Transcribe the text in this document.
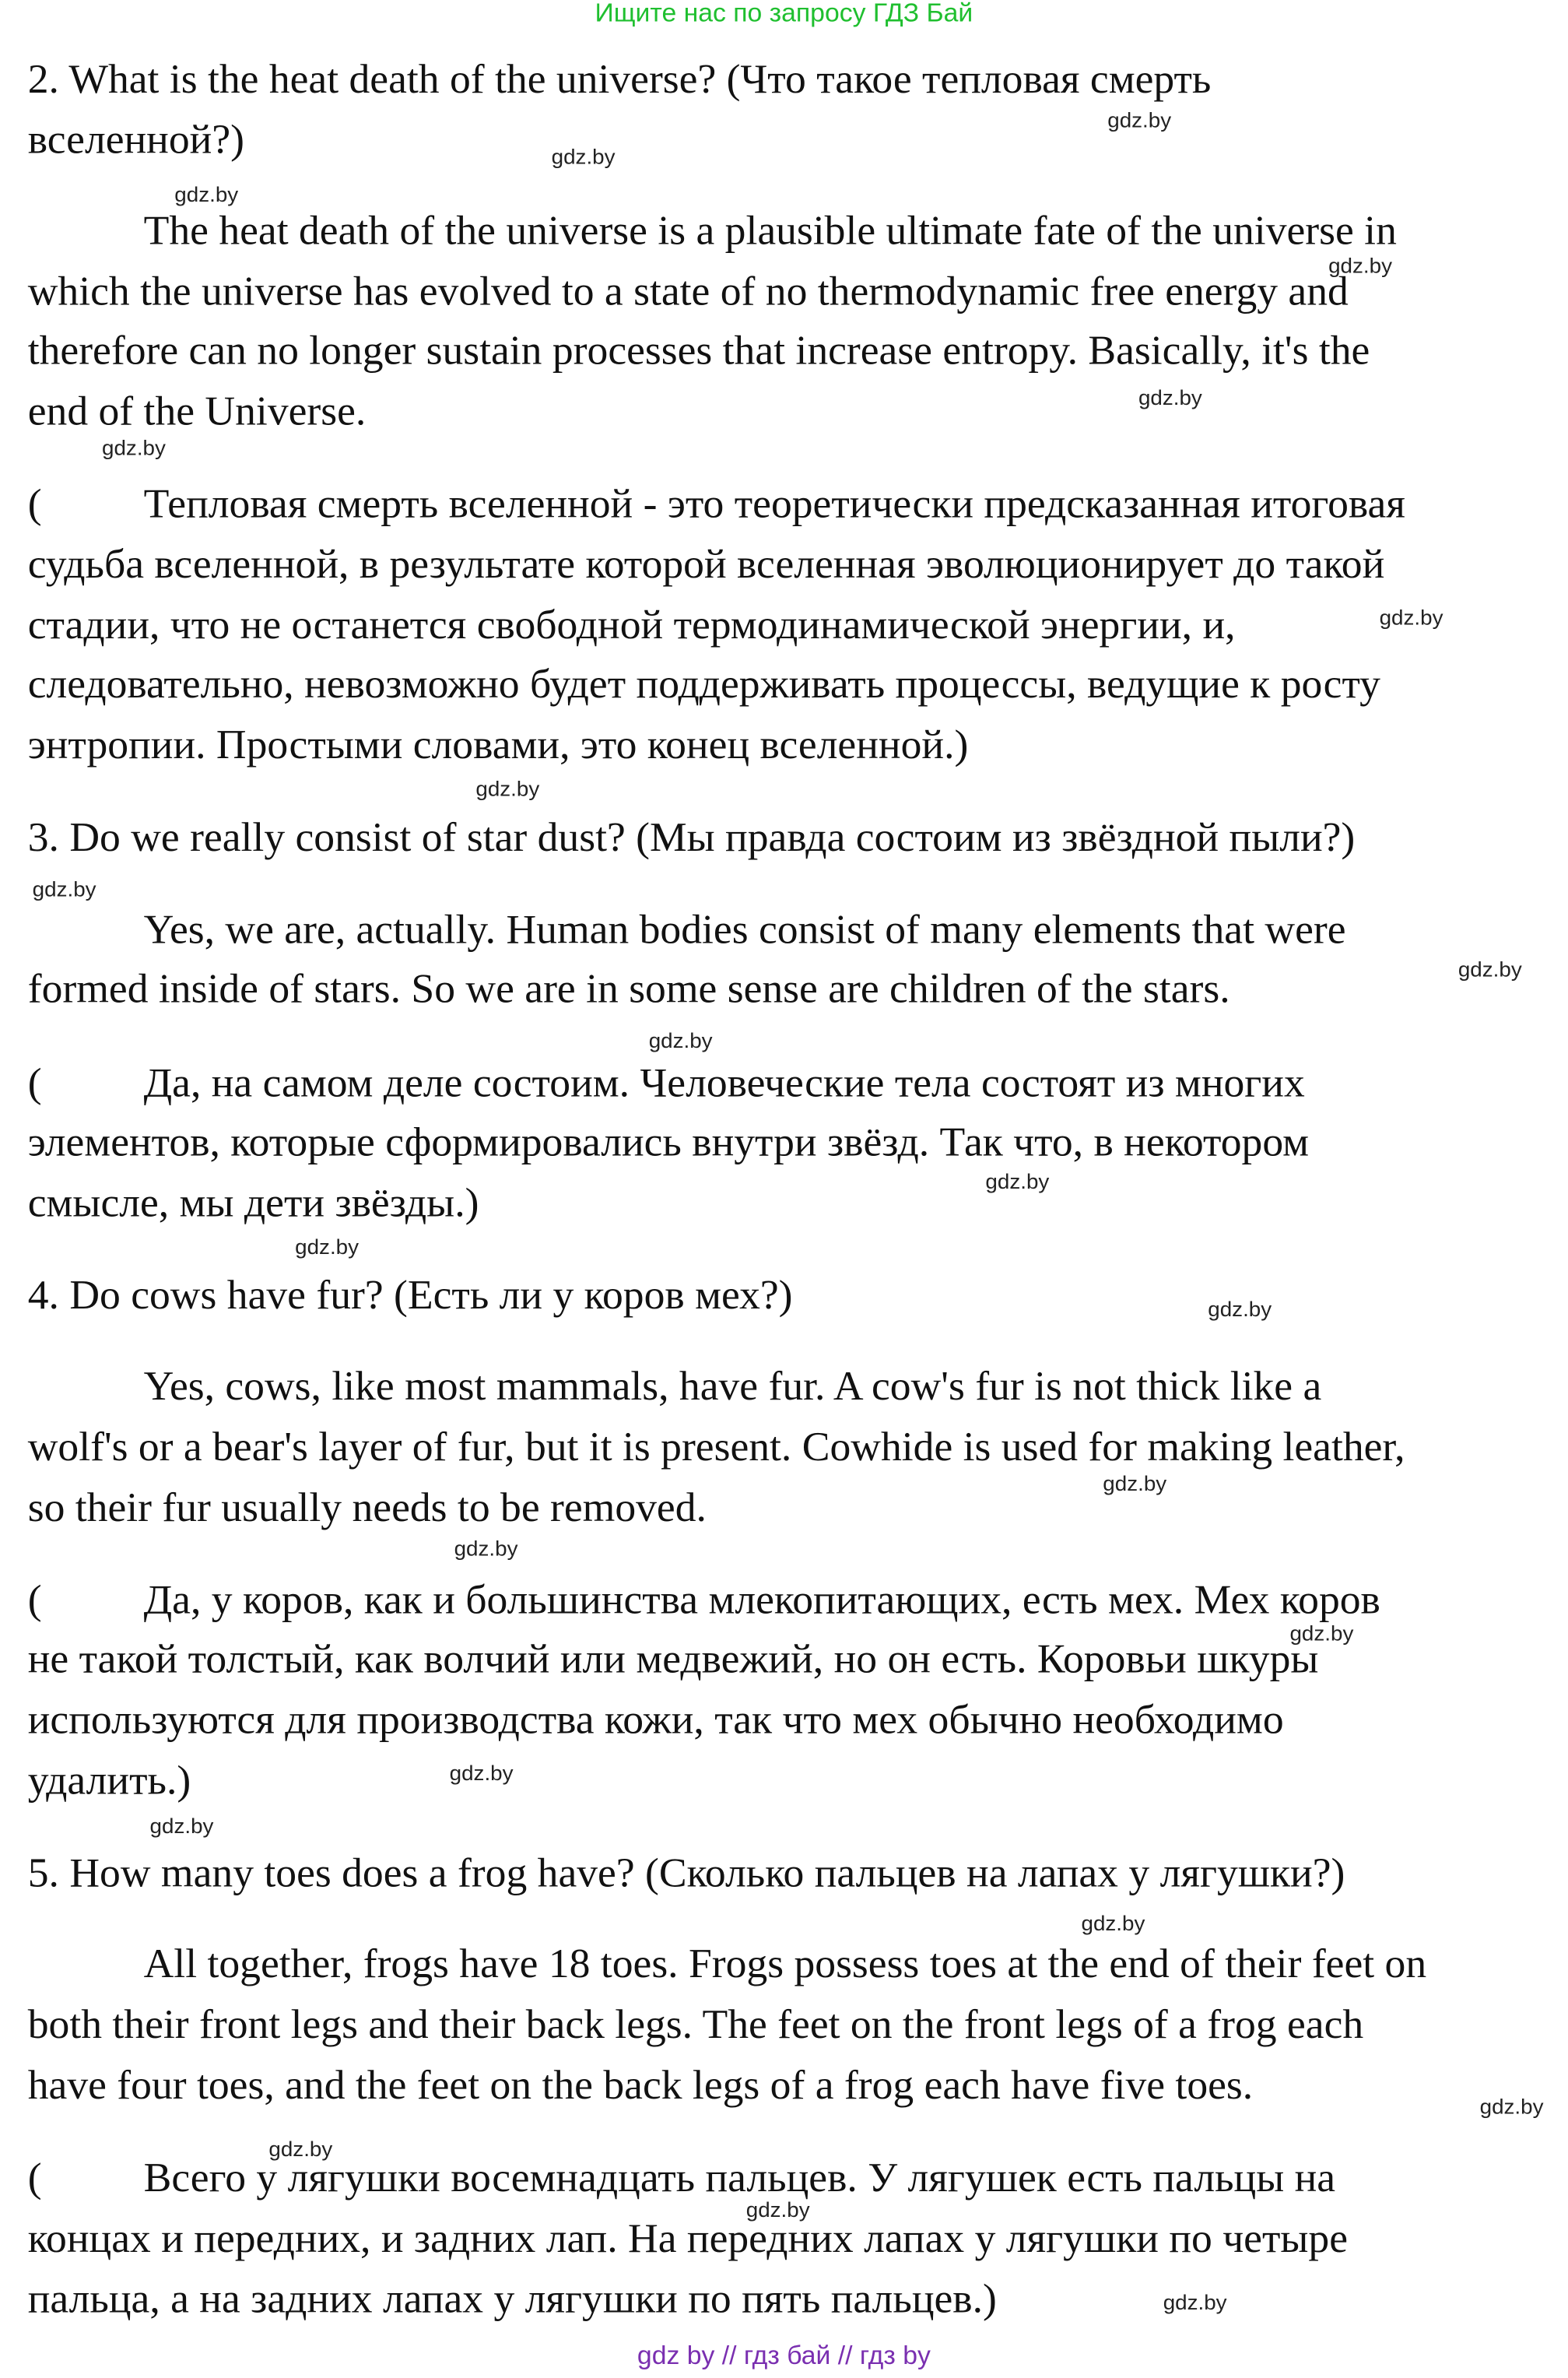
Ищите нас по запросу ГДЗ Бай
2. What is the heat death of the universe? (Что такое тепловая смерть
вселенной?)
The heat death of the universe is a plausible ultimate fate of the universe in
which the universe has evolved to a state of no thermodynamic free energy and
therefore can no longer sustain processes that increase entropy. Basically, it's the
end of the Universe.
(	Тепловая смерть вселенной - это теоретически предсказанная итоговая
судьба вселенной, в результате которой вселенная эволюционирует до такой
стадии, что не останется свободной термодинамической энергии, и,
следовательно, невозможно будет поддерживать процессы, ведущие к росту
энтропии. Простыми словами, это конец вселенной.)
3. Do we really consist of star dust? (Мы правда состоим из звёздной пыли?)
Yes, we are, actually. Human bodies consist of many elements that were
formed inside of stars. So we are in some sense are children of the stars.
(	Да, на самом деле состоим. Человеческие тела состоят из многих
элементов, которые сформировались внутри звёзд. Так что, в некотором
смысле, мы дети звёзды.)
4. Do cows have fur? (Есть ли у коров мех?)
Yes, cows, like most mammals, have fur. A cow's fur is not thick like a
wolf's or a bear's layer of fur, but it is present. Cowhide is used for making leather,
so their fur usually needs to be removed.
(	Да, у коров, как и большинства млекопитающих, есть мех. Мех коров
не такой толстый, как волчий или медвежий, но он есть. Коровьи шкуры
используются для производства кожи, так что мех обычно необходимо
удалить.)
5. How many toes does a frog have? (Сколько пальцев на лапах у лягушки?)
All together, frogs have 18 toes. Frogs possess toes at the end of their feet on
both their front legs and their back legs. The feet on the front legs of a frog each
have four toes, and the feet on the back legs of a frog each have five toes.
(	Всего у лягушки восемнадцать пальцев. У лягушек есть пальцы на
концах и передних, и задних лап. На передних лапах у лягушки по четыре
пальца, а на задних лапах у лягушки по пять пальцев.)
gdz.by
gdz.by
gdz.by
gdz.by
gdz.by
gdz.by
gdz.by
gdz.by
gdz.by
gdz.by
gdz.by
gdz.by
gdz.by
gdz.by
gdz.by
gdz.by
gdz.by
gdz.by
gdz.by
gdz.by
gdz.by
gdz.by
gdz.by
gdz.by
gdz by // гдз бай // гдз by
